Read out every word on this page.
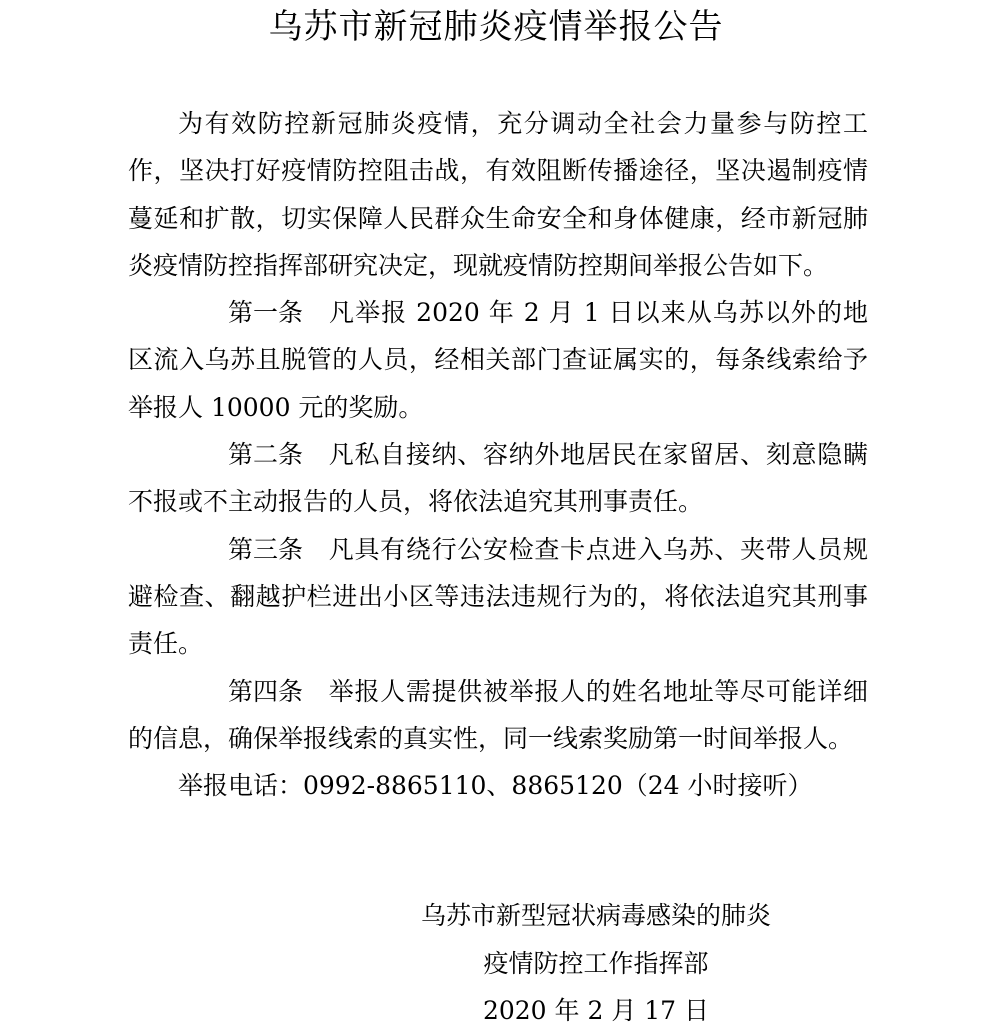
乌苏市新冠肺炎疫情举报公告

为有效防控新冠肺炎疫情，充分调动全社会力量参与防控工作，坚决打好疫情防控阻击战，有效阻断传播途径，坚决遏制疫情蔓延和扩散，切实保障人民群众生命安全和身体健康，经市新冠肺炎疫情防控指挥部研究决定，现就疫情防控期间举报公告如下。

第一条 凡举报 2020 年 2 月 1 日以来从乌苏以外的地区流入乌苏且脱管的人员，经相关部门查证属实的，每条线索给予举报人 10000 元的奖励。

第二条 凡私自接纳、容纳外地居民在家留居、刻意隐瞒不报或不主动报告的人员，将依法追究其刑事责任。

第三条 凡具有绕行公安检查卡点进入乌苏、夹带人员规避检查、翻越护栏进出小区等违法违规行为的，将依法追究其刑事责任。

第四条 举报人需提供被举报人的姓名地址等尽可能详细的信息，确保举报线索的真实性，同一线索奖励第一时间举报人。

举报电话：0992-8865110、8865120（24 小时接听）

乌苏市新型冠状病毒感染的肺炎

疫情防控工作指挥部

2020 年 2 月 17 日
